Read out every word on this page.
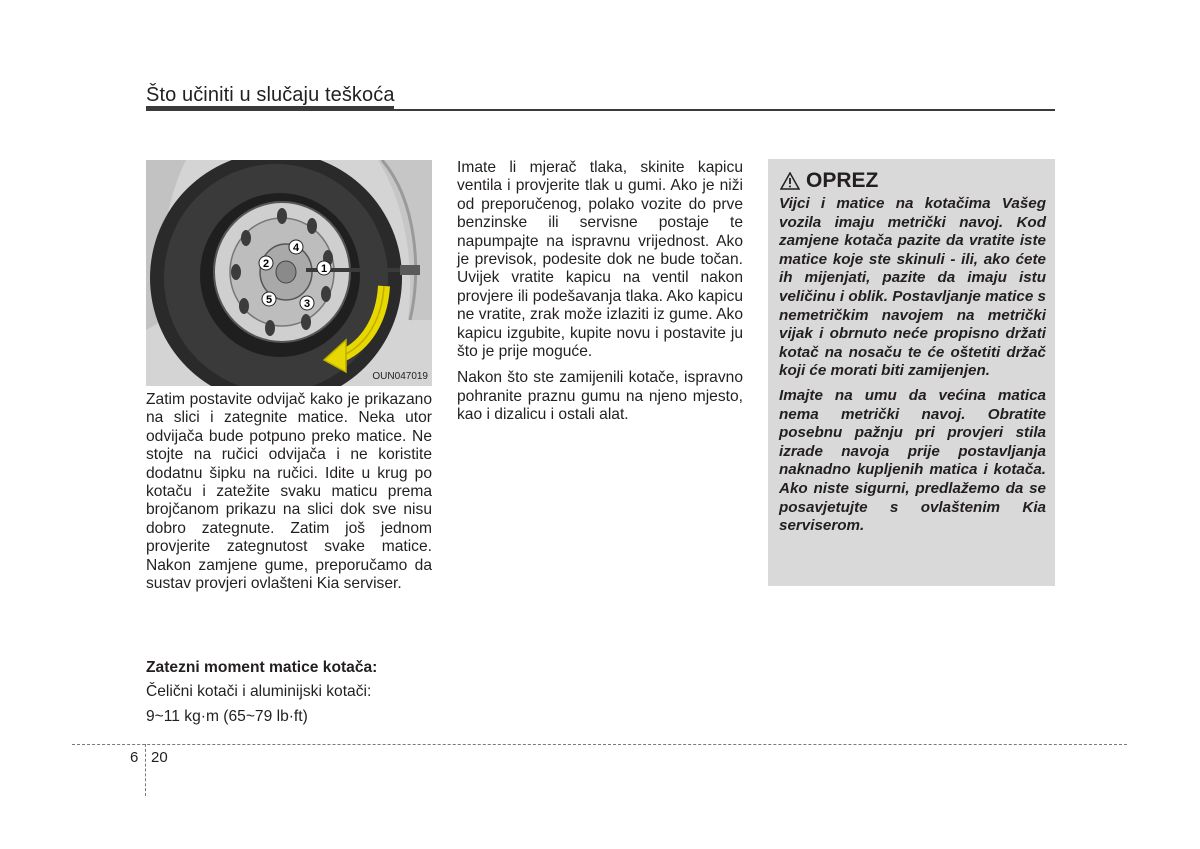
Što učiniti u slučaju teškoća
1
2
3
4
5
OUN047019

Zatim postavite odvijač kako je prikazano na slici i zategnite matice. Neka utor odvijača bude potpuno preko matice. Ne stojte na ručici odvijača i ne koristite dodatnu šipku na ručici. Idite u krug po kotaču i zatežite svaku maticu prema brojčanom prikazu na slici dok sve nisu dobro zategnute. Zatim još jednom provjerite zategnutost svake matice. Nakon zamjene gume, preporučamo da sustav provjeri ovlašteni Kia serviser.

Zatezni moment matice kotača:
Čelični kotači i aluminijski kotači:
9~11 kg·m (65~79 lb·ft)

Imate li mjerač tlaka, skinite kapicu ventila i provjerite tlak u gumi. Ako je niži od preporučenog, polako vozite do prve benzinske ili servisne postaje te napumpajte na ispravnu vrijednost. Ako je previsok, podesite dok ne bude točan. Uvijek vratite kapicu na ventil nakon provjere ili podešavanja tlaka. Ako kapicu ne vratite, zrak može izlaziti iz gume. Ako kapicu izgubite, kupite novu i postavite ju što je prije moguće.

Nakon što ste zamijenili kotače, ispravno pohranite praznu gumu na njeno mjesto, kao i dizalicu i ostali alat.

OPREZ

Vijci i matice na kotačima Vašeg vozila imaju metrički navoj. Kod zamjene kotača pazite da vratite iste matice koje ste skinuli - ili, ako ćete ih mijenjati, pazite da imaju istu veličinu i oblik. Postavljanje matice s nemetričkim navojem na metrički vijak i obrnuto neće propisno držati kotač na nosaču te će oštetiti držač koji će morati biti zamijenjen.

Imajte na umu da većina matica nema metrički navoj. Obratite posebnu pažnju pri provjeri stila izrade navoja prije postavljanja naknadno kupljenih matica i kotača. Ako niste sigurni, predlažemo da se posavjetujte s ovlaštenim Kia serviserom.

6 20
